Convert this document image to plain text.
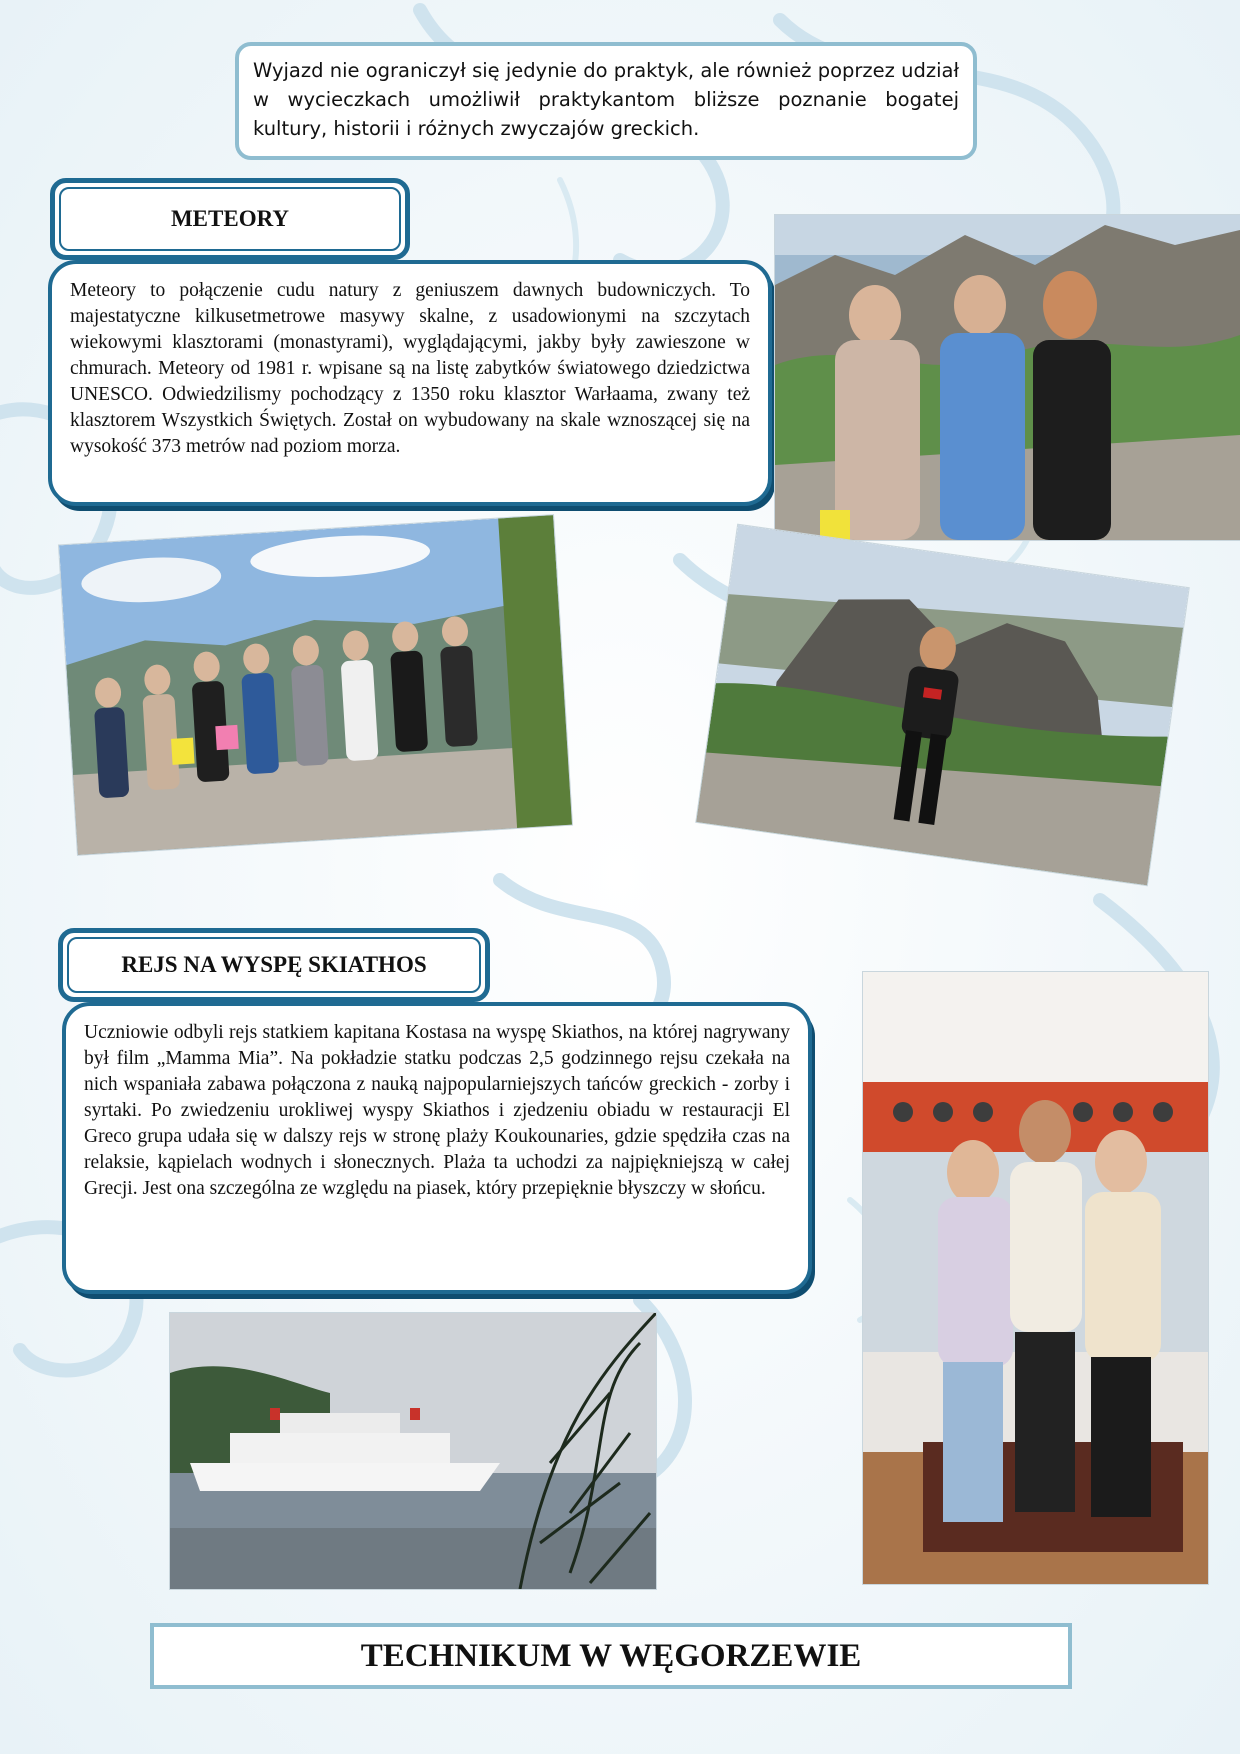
Wyjazd nie ograniczył się jedynie do praktyk, ale również poprzez udział w wycieczkach umożliwił praktykantom bliższe poznanie bogatej kultury, historii i różnych zwyczajów greckich.
METEORY
Meteory to połączenie cudu natury z geniuszem dawnych budowniczych. To majestatyczne kilkusetmetrowe masywy skalne, z usadowionymi na szczytach wiekowymi klasztorami (monastyrami), wyglądającymi, jakby były zawieszone w chmurach. Meteory od 1981 r. wpisane są na listę zabytków światowego dziedzictwa UNESCO. Odwiedzilismy pochodzący z 1350 roku klasztor Warłaama, zwany też klasztorem Wszystkich Świętych. Został on wybudowany na skale wznoszącej się na wysokość 373 metrów nad poziom morza.
REJS NA WYSPĘ SKIATHOS
Uczniowie odbyli rejs statkiem kapitana Kostasa na wyspę Skiathos, na której nagrywany był film „Mamma Mia”. Na pokładzie statku podczas 2,5 godzinnego rejsu czekała na nich wspaniała zabawa połączona z nauką najpopularniejszych tańców greckich - zorby i syrtaki. Po zwiedzeniu urokliwej wyspy Skiathos i zjedzeniu obiadu w restauracji El Greco grupa udała się w dalszy rejs w stronę plaży Koukounaries, gdzie spędziła czas na relaksie, kąpielach wodnych i słonecznych. Plaża ta uchodzi za najpiękniejszą w całej Grecji. Jest ona szczególna ze względu na piasek, który przepięknie błyszczy w słońcu.
TECHNIKUM W WĘGORZEWIE
